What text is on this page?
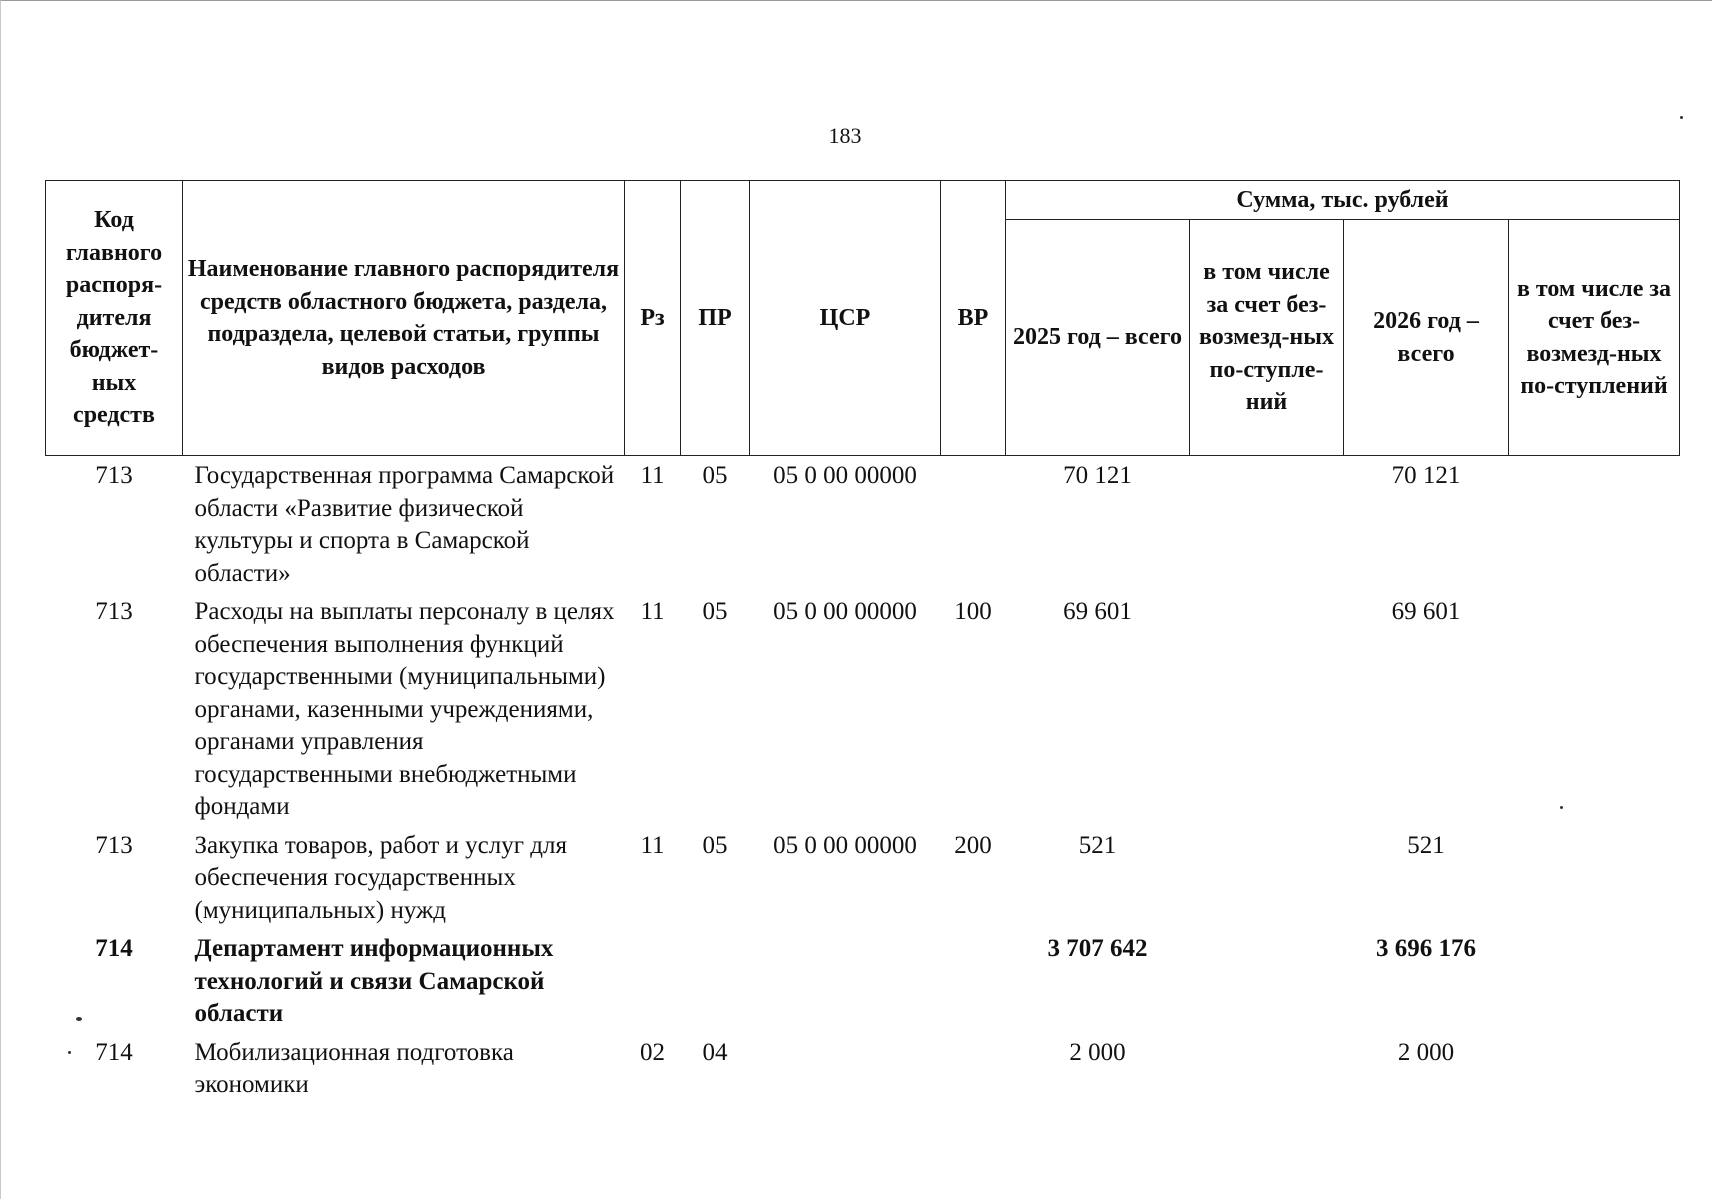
183
Код главного распоря-дителя бюджет-ных средств	Наименование главного распорядителя средств областного бюджета, раздела, подраздела, целевой статьи, группы видов расходов	Рз	ПР	ЦСР	ВР	Сумма, тыс. рублей			
						2025 год – всего	в том числе за счет без-возмезд-ных по-ступле-ний	2026 год – всего	в том числе за счет без-возмезд-ных по-ступлений
713	Государственная программа Самарской области «Развитие физической культуры и спорта в Самарской области»	11	05	05 0 00 00000		70 121		70 121	
713	Расходы на выплаты персоналу в целях обеспечения выполнения функций государственными (муниципальными) органами, казенными учреждениями, органами управления государственными внебюджетными фондами	11	05	05 0 00 00000	100	69 601		69 601	
713	Закупка товаров, работ и услуг для обеспечения государственных (муниципальных) нужд	11	05	05 0 00 00000	200	521		521	
714	Департамент информационных технологий и связи Самарской области					3 707 642		3 696 176	
714	Мобилизационная подготовка экономики	02	04			2 000		2 000	
